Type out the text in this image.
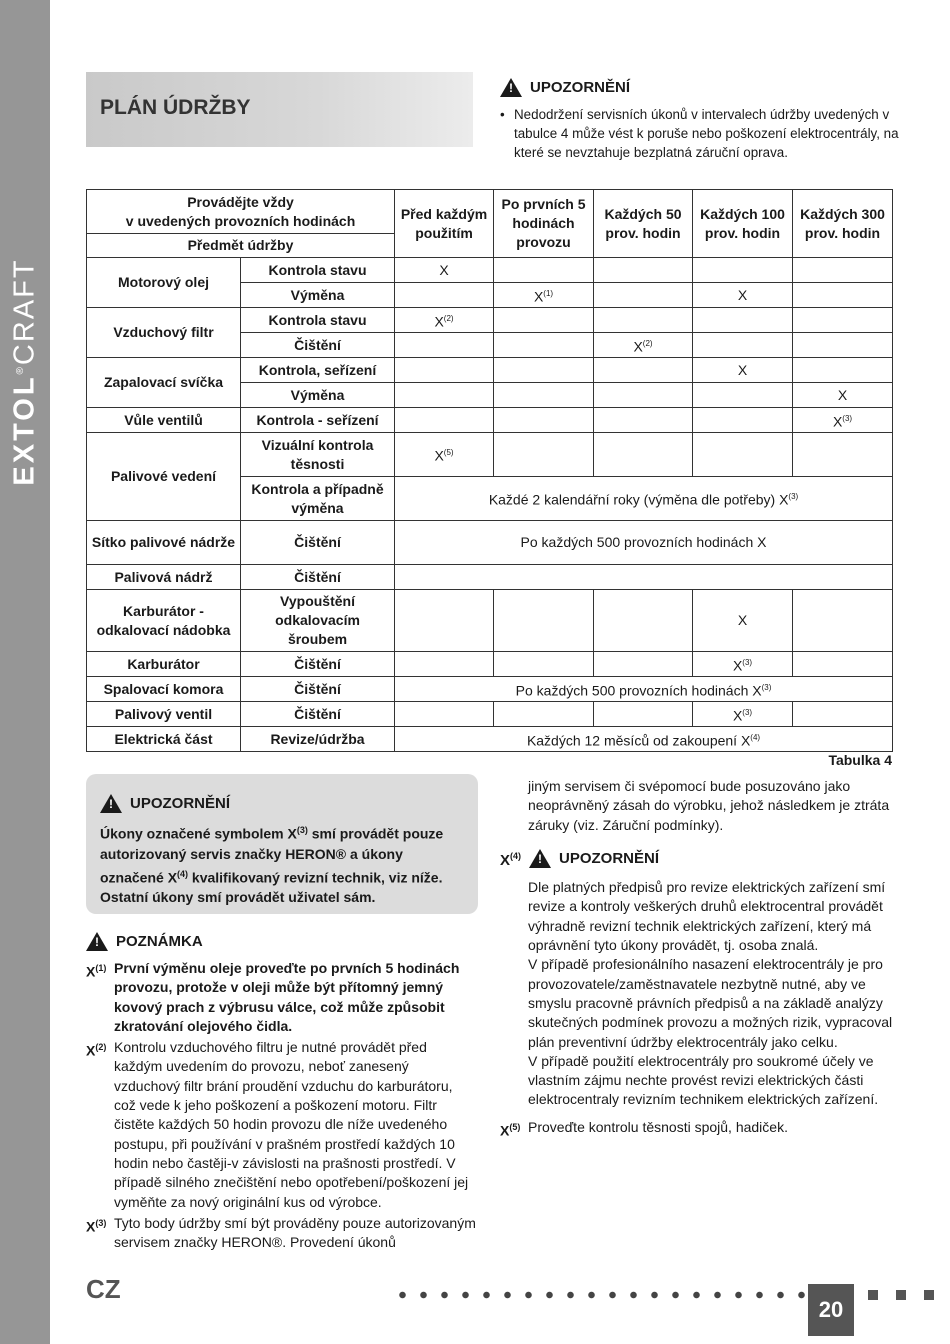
EXTOL®CRAFT
PLÁN ÚDRŽBY
!
UPOZORNĚNÍ
• Nedodržení servisních úkonů v intervalech údržby uvedených v tabulce 4 může vést k poruše nebo poškození elektrocentrály, na které se nevztahuje bezplatná záruční oprava.
Provádějte vždy
v uvedených provozních hodinách		Před každým použitím	Po prvních 5 hodinách provozu	Každých 50 prov. hodin	Každých 100 prov. hodin	Každých 300 prov. hodin
Předmět údržby						
Motorový olej	Kontrola stavu	X				
	Výměna		$X^{(1)}$		X	
Vzduchový filtr	Kontrola stavu	$X^{(2)}$				
	Čištění			$X^{(2)}$		
Zapalovací svíčka	Kontrola, seřízení				X	
	Výměna					X
Vůle ventilů	Kontrola - seřízení					$X^{(3)}$
Palivové vedení	Vizuální kontrola těsnosti	$X^{(5)}$				
	Kontrola a případně výměna	Každé 2 kalendářní roky (výměna dle potřeby) $X^{(3)}$
Sítko palivové nádrže	Čištění	Po každých 500 provozních hodinách X				
Palivová nádrž	Čištění					
Karburátor - odkalovací nádobka	Vypouštění odkalovacím šroubem				X	
Karburátor	Čištění				$X^{(3)}$	
Spalovací komora	Čištění	Po každých 500 provozních hodinách $X^{(3)}$
Palivový ventil	Čištění				$X^{(3)}$	
Elektrická část	Revize/údržba	Každých 12 měsíců od zakoupení $X^{(4)}$
Tabulka 4
!
UPOZORNĚNÍ
Úkony označené symbolem $X^{(3)}$ smí provádět pouze autorizovaný servis značky HERON® a úkony označené $X^{(4)}$ kvalifikovaný revizní technik, viz níže. Ostatní úkony smí provádět uživatel sám.
!
POZNÁMKA
$X^{(1)}$ První výměnu oleje proveďte po prvních 5 hodinách provozu, protože v oleji může být přítomný jemný kovový prach z výbrusu válce, což může způsobit zkratování olejového čidla.
$X^{(2)}$ Kontrolu vzduchového filtru je nutné provádět před každým uvedením do provozu, neboť zanesený vzduchový filtr brání proudění vzduchu do karburátoru, což vede k jeho poškození a poškození motoru. Filtr čistěte každých 50 hodin provozu dle níže uvedeného postupu, při používání v prašném prostředí každých 10 hodin nebo častěji-v závislosti na prašnosti prostředí. V případě silného znečištění nebo opotřebení/poškození jej vyměňte za nový originální kus od výrobce.
$X^{(3)}$ Tyto body údržby smí být prováděny pouze autorizovaným servisem značky HERON®. Provedení úkonů
jiným servisem či svépomocí bude posuzováno jako neoprávněný zásah do výrobku, jehož následkem je ztráta záruky (viz. Záruční podmínky).
$X^{(4)}$ !	UPOZORNĚNÍ
Dle platných předpisů pro revize elektrických zařízení smí revize a kontroly veškerých druhů elektrocentral provádět výhradně revizní technik elektrických zařízení, který má oprávnění tyto úkony provádět, tj. osoba znalá.
V případě profesionálního nasazení elektrocentrály je pro provozovatele/zaměstnavatele nezbytně nutné, aby ve smyslu pracovně právních předpisů a na základě analýzy skutečných podmínek provozu a možných rizik, vypracoval plán preventivní údržby elektrocentrály jako celku.
V případě použití elektrocentrály pro soukromé účely ve vlastním zájmu nechte provést revizi elektrických části elektrocentraly revizním technikem elektrických zařízení.
$X^{(5)}$ Proveďte kontrolu těsnosti spojů, hadiček.
CZ
20
